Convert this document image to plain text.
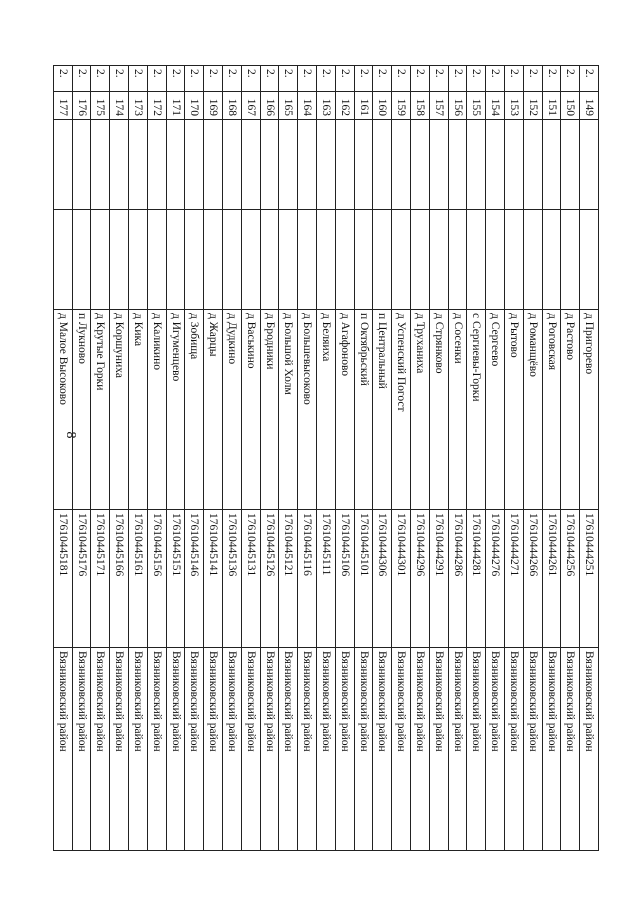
8
2.	149			д Пригорево	17610444251	Вязниковский район
2.	150			д Растово	17610444256	Вязниковский район
2.	151			д Роговская	17610444261	Вязниковский район
2.	152			д Романщёво	17610444266	Вязниковский район
2.	153			д Рытово	17610444271	Вязниковский район
2.	154			д Сергеево	17610444276	Вязниковский район
2.	155			с Сергиевы-Горки	17610444281	Вязниковский район
2.	156			д Сосенки	17610444286	Вязниковский район
2.	157			д Стрянково	17610444291	Вязниковский район
2.	158			д Труханиха	17610444296	Вязниковский район
2.	159			д Успенский Погост	17610444301	Вязниковский район
2.	160			п Центральный	17610444306	Вязниковский район
2.	161			п Октябрьский	17610445101	Вязниковский район
2.	162			д Агафоново	17610445106	Вязниковский район
2.	163			д Беляиха	17610445111	Вязниковский район
2.	164			д Большевысоково	17610445116	Вязниковский район
2.	165			д Большой Холм	17610445121	Вязниковский район
2.	166			д Бродники	17610445126	Вязниковский район
2.	167			д Васькино	17610445131	Вязниковский район
2.	168			д Дудкино	17610445136	Вязниковский район
2.	169			д Жарцы	17610445141	Вязниковский район
2.	170			д Зобища	17610445146	Вязниковский район
2.	171			д Игуменцево	17610445151	Вязниковский район
2.	172			д Каликино	17610445156	Вязниковский район
2.	173			д Кика	17610445161	Вязниковский район
2.	174			д Коршуниха	17610445166	Вязниковский район
2.	175			д Крутые Горки	17610445171	Вязниковский район
2.	176			п Лукново	17610445176	Вязниковский район
2.	177			д Малое Высоково	17610445181	Вязниковский район
